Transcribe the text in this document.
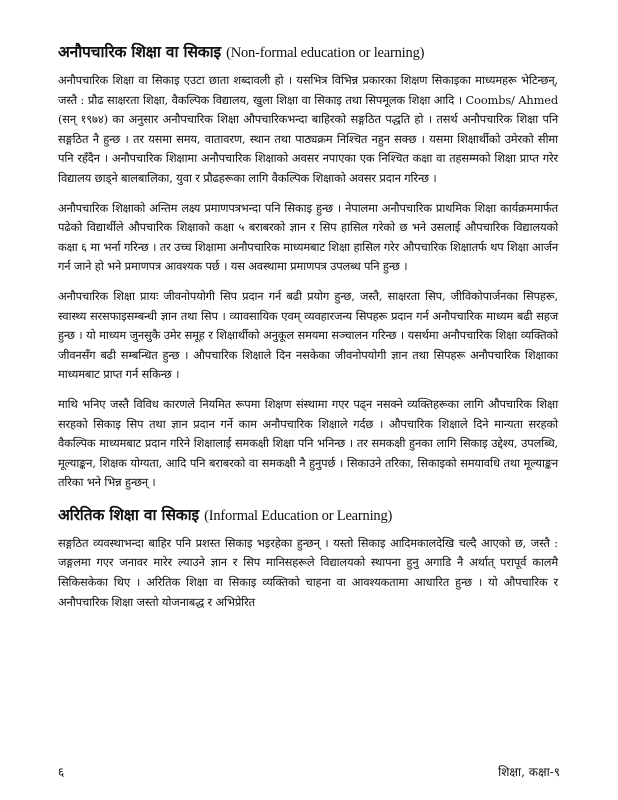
अनौपचारिक शिक्षा वा सिकाइ (Non-formal education or learning)

अनौपचारिक शिक्षा वा सिकाइ एउटा छाता शब्दावली हो । यसभित्र विभिन्न प्रकारका शिक्षण सिकाइका माध्यमहरू भेटिन्छन्, जस्तै : प्रौढ साक्षरता शिक्षा, वैकल्पिक विद्यालय, खुला शिक्षा वा सिकाइ तथा सिपमूलक शिक्षा आदि । Coombs/ Ahmed (सन् १९७४) का अनुसार अनौपचारिक शिक्षा औपचारिकभन्दा बाहिरको सङ्गठित पद्धति हो । तसर्थ अनौपचारिक शिक्षा पनि सङ्गठित नै हुन्छ । तर यसमा समय, वातावरण, स्थान तथा पाठ्यक्रम निश्चित नहुन सक्छ । यसमा शिक्षार्थीको उमेरको सीमा पनि रहँदैन । अनौपचारिक शिक्षामा अनौपचारिक शिक्षाको अवसर नपाएका एक निश्चित कक्षा वा तहसम्मको शिक्षा प्राप्त गरेर विद्यालय छाड्ने बालबालिका, युवा र प्रौढहरूका लागि वैकल्पिक शिक्षाको अवसर प्रदान गरिन्छ ।

अनौपचारिक शिक्षाको अन्तिम लक्ष्य प्रमाणपत्रभन्दा पनि सिकाइ हुन्छ । नेपालमा अनौपचारिक प्राथमिक शिक्षा कार्यक्रममार्फत पढेको विद्यार्थीले औपचारिक शिक्षाको कक्षा ५ बराबरको ज्ञान र सिप हासिल गरेको छ भने उसलाई औपचारिक विद्यालयको कक्षा ६ मा भर्ना गरिन्छ । तर उच्च शिक्षामा अनौपचारिक माध्यमबाट शिक्षा हासिल गरेर औपचारिक शिक्षातर्फ थप शिक्षा आर्जन गर्न जाने हो भने प्रमाणपत्र आवश्यक पर्छ । यस अवस्थामा प्रमाणपत्र उपलब्ध पनि हुन्छ ।

अनौपचारिक शिक्षा प्रायः जीवनोपयोगी सिप प्रदान गर्न बढी प्रयोग हुन्छ, जस्तै, साक्षरता सिप, जीविकोपार्जनका सिपहरू, स्वास्थ्य सरसफाइसम्बन्धी ज्ञान तथा सिप । व्यावसायिक एवम् व्यवहारजन्य सिपहरू प्रदान गर्न अनौपचारिक माध्यम बढी सहज हुन्छ । यो माध्यम जुनसुकै उमेर समूह र शिक्षार्थीको अनुकूल समयमा सञ्चालन गरिन्छ । यसर्थमा अनौपचारिक शिक्षा व्यक्तिको जीवनसँग बढी सम्बन्धित हुन्छ । औपचारिक शिक्षाले दिन नसकेका जीवनोपयोगी ज्ञान तथा सिपहरू अनौपचारिक शिक्षाका माध्यमबाट प्राप्त गर्न सकिन्छ ।

माथि भनिए जस्तै विविध कारणले नियमित रूपमा शिक्षण संस्थामा गएर पढ्न नसक्ने व्यक्तिहरूका लागि औपचारिक शिक्षा सरहको सिकाइ सिप तथा ज्ञान प्रदान गर्ने काम अनौपचारिक शिक्षाले गर्दछ । औपचारिक शिक्षाले दिने मान्यता सरहको वैकल्पिक माध्यमबाट प्रदान गरिने शिक्षालाई समकक्षी शिक्षा पनि भनिन्छ । तर समकक्षी हुनका लागि सिकाइ उद्देश्य, उपलब्धि, मूल्याङ्कन, शिक्षक योग्यता, आदि पनि बराबरको वा समकक्षी नै हुनुपर्छ । सिकाउने तरिका, सिकाइको समयावधि तथा मूल्याङ्कन तरिका भने भिन्न हुन्छन् ।

अरितिक शिक्षा वा सिकाइ (Informal Education or Learning)

सङ्गठित व्यवस्थाभन्दा बाहिर पनि प्रशस्त सिकाइ भइरहेका हुन्छन् । यस्तो सिकाइ आदिमकालदेखि चल्दै आएको छ, जस्तै : जङ्गलमा गएर जनावर मारेर ल्याउने ज्ञान र सिप मानिसहरूले विद्यालयको स्थापना हुनु अगाडि नै अर्थात् परापूर्व कालमै सिकिसकेका थिए । अरितिक शिक्षा वा सिकाइ व्यक्तिको चाहना वा आवश्यकतामा आधारित हुन्छ । यो औपचारिक र अनौपचारिक शिक्षा जस्तो योजनाबद्ध र अभिप्रेरित

६	शिक्षा, कक्षा-९
